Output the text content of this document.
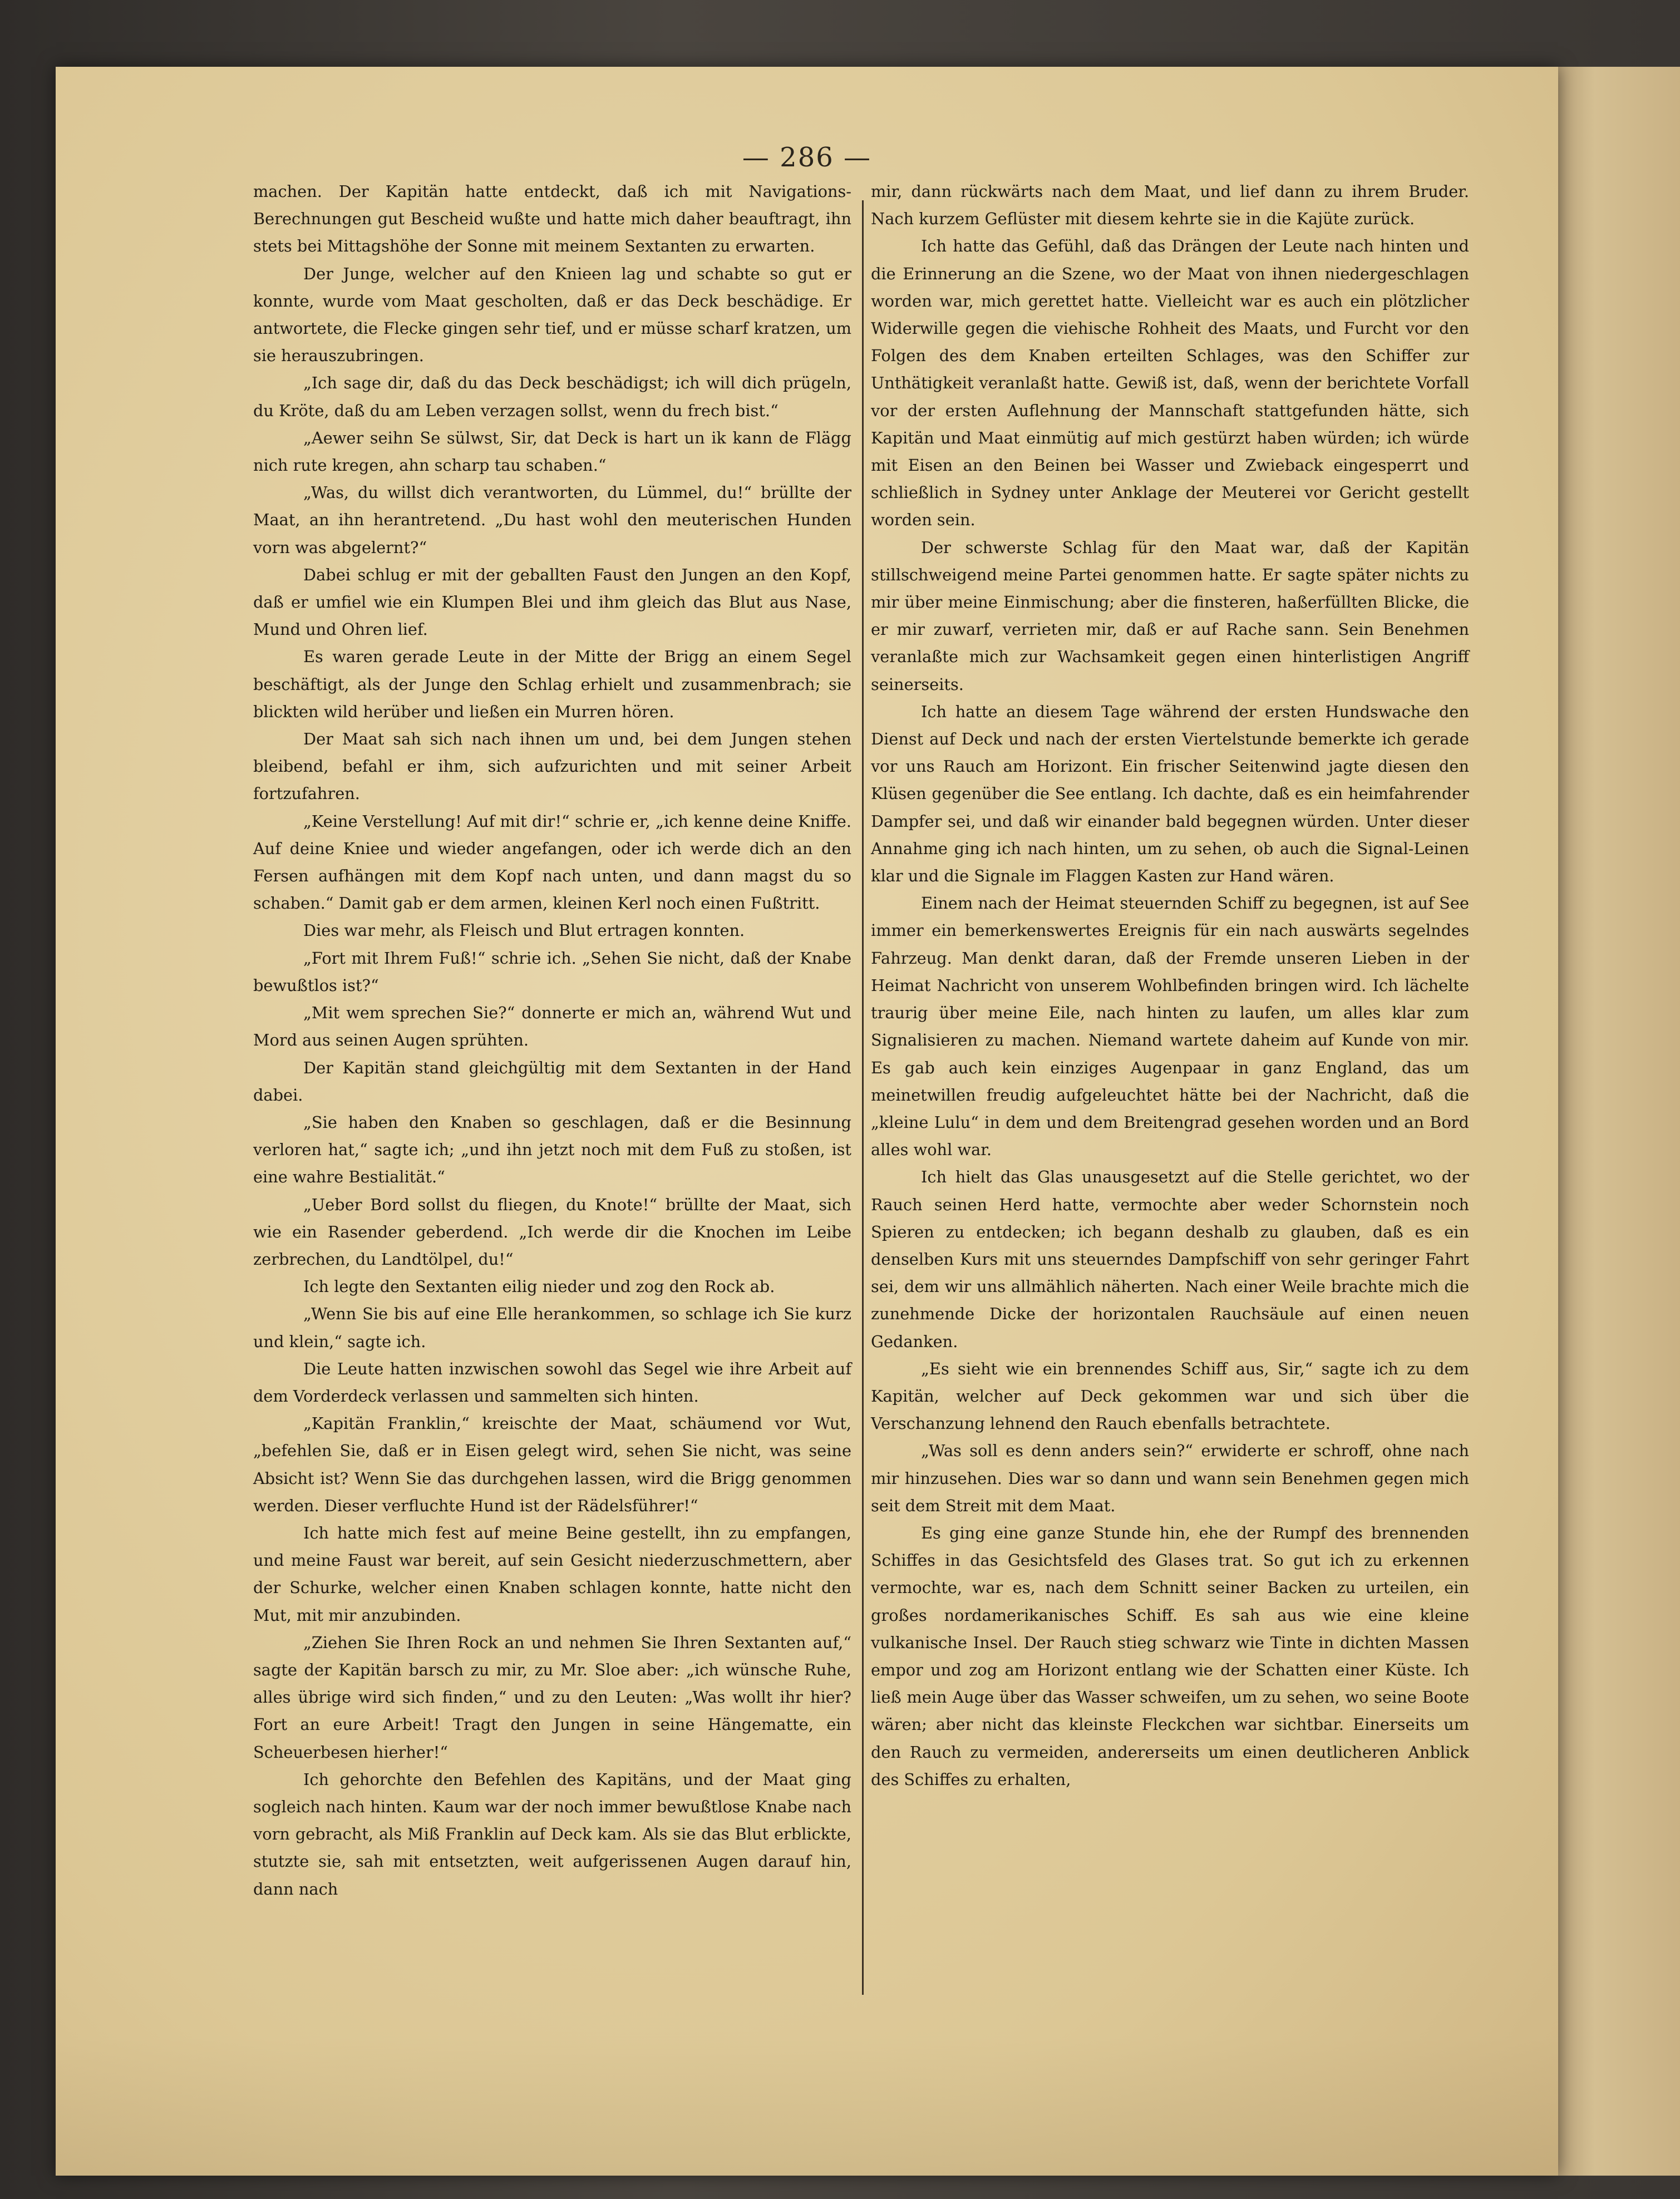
— 286 —

machen. Der Kapitän hatte entdeckt, daß ich mit Navigations-Berechnungen gut Bescheid wußte und hatte mich daher beauftragt, ihn stets bei Mittagshöhe der Sonne mit meinem Sextanten zu erwarten.

Der Junge, welcher auf den Knieen lag und schabte so gut er konnte, wurde vom Maat gescholten, daß er das Deck beschädige. Er antwortete, die Flecke gingen sehr tief, und er müsse scharf kratzen, um sie herauszubringen.

„Ich sage dir, daß du das Deck beschädigst; ich will dich prügeln, du Kröte, daß du am Leben verzagen sollst, wenn du frech bist.“

„Aewer seihn Se sülwst, Sir, dat Deck is hart un ik kann de Flägg nich rute kregen, ahn scharp tau schaben.“

„Was, du willst dich verantworten, du Lümmel, du!“ brüllte der Maat, an ihn herantretend. „Du hast wohl den meuterischen Hunden vorn was abgelernt?“

Dabei schlug er mit der geballten Faust den Jungen an den Kopf, daß er umfiel wie ein Klumpen Blei und ihm gleich das Blut aus Nase, Mund und Ohren lief.

Es waren gerade Leute in der Mitte der Brigg an einem Segel beschäftigt, als der Junge den Schlag erhielt und zusammenbrach; sie blickten wild herüber und ließen ein Murren hören.

Der Maat sah sich nach ihnen um und, bei dem Jungen stehen bleibend, befahl er ihm, sich aufzurichten und mit seiner Arbeit fortzufahren.

„Keine Verstellung! Auf mit dir!“ schrie er, „ich kenne deine Kniffe. Auf deine Kniee und wieder angefangen, oder ich werde dich an den Fersen aufhängen mit dem Kopf nach unten, und dann magst du so schaben.“ Damit gab er dem armen, kleinen Kerl noch einen Fußtritt.

Dies war mehr, als Fleisch und Blut ertragen konnten.

„Fort mit Ihrem Fuß!“ schrie ich. „Sehen Sie nicht, daß der Knabe bewußtlos ist?“

„Mit wem sprechen Sie?“ donnerte er mich an, während Wut und Mord aus seinen Augen sprühten.

Der Kapitän stand gleichgültig mit dem Sextanten in der Hand dabei.

„Sie haben den Knaben so geschlagen, daß er die Besinnung verloren hat,“ sagte ich; „und ihn jetzt noch mit dem Fuß zu stoßen, ist eine wahre Bestialität.“

„Ueber Bord sollst du fliegen, du Knote!“ brüllte der Maat, sich wie ein Rasender geberdend. „Ich werde dir die Knochen im Leibe zerbrechen, du Landtölpel, du!“

Ich legte den Sextanten eilig nieder und zog den Rock ab.

„Wenn Sie bis auf eine Elle herankommen, so schlage ich Sie kurz und klein,“ sagte ich.

Die Leute hatten inzwischen sowohl das Segel wie ihre Arbeit auf dem Vorderdeck verlassen und sammelten sich hinten.

„Kapitän Franklin,“ kreischte der Maat, schäumend vor Wut, „befehlen Sie, daß er in Eisen gelegt wird, sehen Sie nicht, was seine Absicht ist? Wenn Sie das durchgehen lassen, wird die Brigg genommen werden. Dieser verfluchte Hund ist der Rädelsführer!“

Ich hatte mich fest auf meine Beine gestellt, ihn zu empfangen, und meine Faust war bereit, auf sein Gesicht niederzuschmettern, aber der Schurke, welcher einen Knaben schlagen konnte, hatte nicht den Mut, mit mir anzubinden.

„Ziehen Sie Ihren Rock an und nehmen Sie Ihren Sextanten auf,“ sagte der Kapitän barsch zu mir, zu Mr. Sloe aber: „ich wünsche Ruhe, alles übrige wird sich finden,“ und zu den Leuten: „Was wollt ihr hier? Fort an eure Arbeit! Tragt den Jungen in seine Hängematte, ein Scheuerbesen hierher!“

Ich gehorchte den Befehlen des Kapitäns, und der Maat ging sogleich nach hinten. Kaum war der noch immer bewußtlose Knabe nach vorn gebracht, als Miß Franklin auf Deck kam. Als sie das Blut erblickte, stutzte sie, sah mit entsetzten, weit aufgerissenen Augen darauf hin, dann nach

mir, dann rückwärts nach dem Maat, und lief dann zu ihrem Bruder. Nach kurzem Geflüster mit diesem kehrte sie in die Kajüte zurück.

Ich hatte das Gefühl, daß das Drängen der Leute nach hinten und die Erinnerung an die Szene, wo der Maat von ihnen niedergeschlagen worden war, mich gerettet hatte. Vielleicht war es auch ein plötzlicher Widerwille gegen die viehische Rohheit des Maats, und Furcht vor den Folgen des dem Knaben erteilten Schlages, was den Schiffer zur Unthätigkeit veranlaßt hatte. Gewiß ist, daß, wenn der berichtete Vorfall vor der ersten Auflehnung der Mannschaft stattgefunden hätte, sich Kapitän und Maat einmütig auf mich gestürzt haben würden; ich würde mit Eisen an den Beinen bei Wasser und Zwieback eingesperrt und schließlich in Sydney unter Anklage der Meuterei vor Gericht gestellt worden sein.

Der schwerste Schlag für den Maat war, daß der Kapitän stillschweigend meine Partei genommen hatte. Er sagte später nichts zu mir über meine Einmischung; aber die finsteren, haßerfüllten Blicke, die er mir zuwarf, verrieten mir, daß er auf Rache sann. Sein Benehmen veranlaßte mich zur Wachsamkeit gegen einen hinterlistigen Angriff seinerseits.

Ich hatte an diesem Tage während der ersten Hundswache den Dienst auf Deck und nach der ersten Viertelstunde bemerkte ich gerade vor uns Rauch am Horizont. Ein frischer Seitenwind jagte diesen den Klüsen gegenüber die See entlang. Ich dachte, daß es ein heimfahrender Dampfer sei, und daß wir einander bald begegnen würden. Unter dieser Annahme ging ich nach hinten, um zu sehen, ob auch die Signal-Leinen klar und die Signale im Flaggen Kasten zur Hand wären.

Einem nach der Heimat steuernden Schiff zu begegnen, ist auf See immer ein bemerkenswertes Ereignis für ein nach auswärts segelndes Fahrzeug. Man denkt daran, daß der Fremde unseren Lieben in der Heimat Nachricht von unserem Wohlbefinden bringen wird. Ich lächelte traurig über meine Eile, nach hinten zu laufen, um alles klar zum Signalisieren zu machen. Niemand wartete daheim auf Kunde von mir. Es gab auch kein einziges Augenpaar in ganz England, das um meinetwillen freudig aufgeleuchtet hätte bei der Nachricht, daß die „kleine Lulu“ in dem und dem Breitengrad gesehen worden und an Bord alles wohl war.

Ich hielt das Glas unausgesetzt auf die Stelle gerichtet, wo der Rauch seinen Herd hatte, vermochte aber weder Schornstein noch Spieren zu entdecken; ich begann deshalb zu glauben, daß es ein denselben Kurs mit uns steuerndes Dampfschiff von sehr geringer Fahrt sei, dem wir uns allmählich näherten. Nach einer Weile brachte mich die zunehmende Dicke der horizontalen Rauchsäule auf einen neuen Gedanken.

„Es sieht wie ein brennendes Schiff aus, Sir,“ sagte ich zu dem Kapitän, welcher auf Deck gekommen war und sich über die Verschanzung lehnend den Rauch ebenfalls betrachtete.

„Was soll es denn anders sein?“ erwiderte er schroff, ohne nach mir hinzusehen. Dies war so dann und wann sein Benehmen gegen mich seit dem Streit mit dem Maat.

Es ging eine ganze Stunde hin, ehe der Rumpf des brennenden Schiffes in das Gesichtsfeld des Glases trat. So gut ich zu erkennen vermochte, war es, nach dem Schnitt seiner Backen zu urteilen, ein großes nordamerikanisches Schiff. Es sah aus wie eine kleine vulkanische Insel. Der Rauch stieg schwarz wie Tinte in dichten Massen empor und zog am Horizont entlang wie der Schatten einer Küste. Ich ließ mein Auge über das Wasser schweifen, um zu sehen, wo seine Boote wären; aber nicht das kleinste Fleckchen war sichtbar. Einerseits um den Rauch zu vermeiden, andererseits um einen deutlicheren Anblick des Schiffes zu erhalten,
